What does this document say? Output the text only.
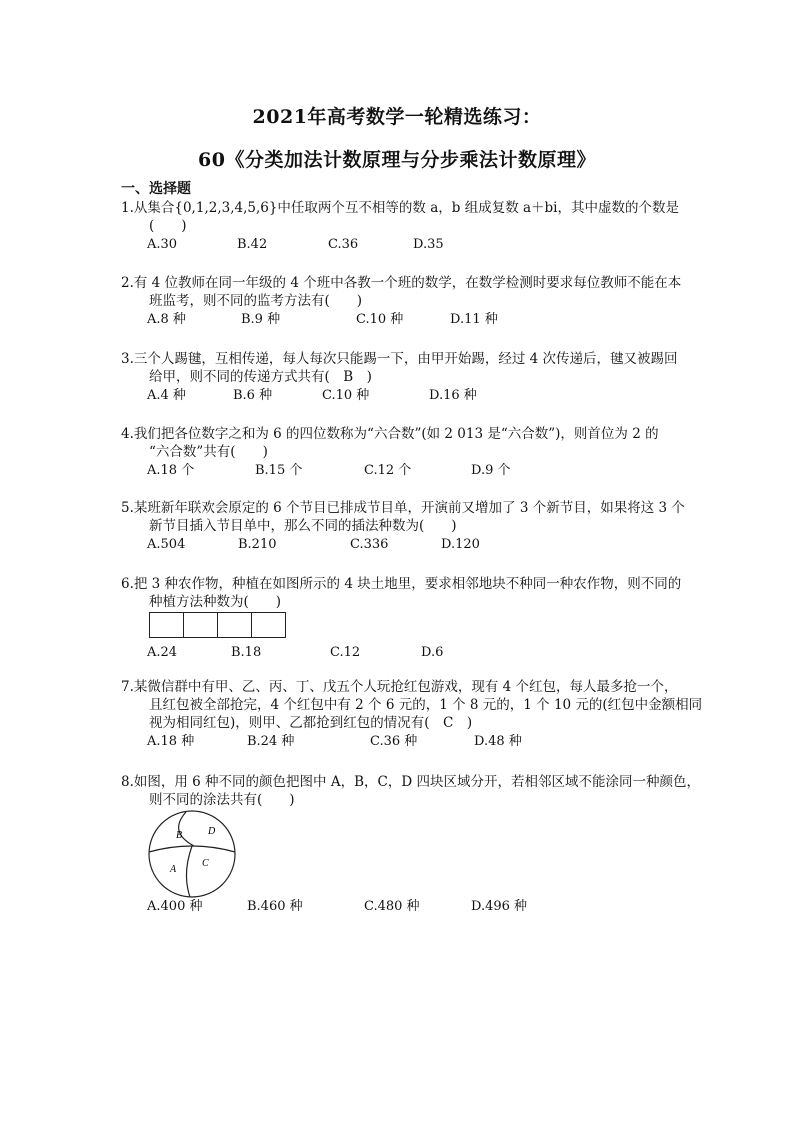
2021年高考数学一轮精选练习：
60《分类加法计数原理与分步乘法计数原理》
一、选择题
1.从集合{0,1,2,3,4,5,6}中任取两个互不相等的数 a，b 组成复数 a＋bi，其中虚数的个数是
(　　)
A.30	B.42	C.36	D.35
2.有 4 位教师在同一年级的 4 个班中各教一个班的数学，在数学检测时要求每位教师不能在本
班监考，则不同的监考方法有(　　)
A.8 种	B.9 种	C.10 种	D.11 种
3.三个人踢毽，互相传递，每人每次只能踢一下，由甲开始踢，经过 4 次传递后，毽又被踢回
给甲，则不同的传递方式共有(　B　)
A.4 种	B.6 种	C.10 种	D.16 种
4.我们把各位数字之和为 6 的四位数称为“六合数”(如 2 013 是“六合数”)，则首位为 2 的
“六合数”共有(　　)
A.18 个	B.15 个	C.12 个	D.9 个
5.某班新年联欢会原定的 6 个节目已排成节目单，开演前又增加了 3 个新节目，如果将这 3 个
新节目插入节目单中，那么不同的插法种数为(　　)
A.504	B.210	C.336	D.120
6.把 3 种农作物，种植在如图所示的 4 块土地里，要求相邻地块不种同一种农作物，则不同的
种植方法种数为(　　)
A.24	B.18	C.12	D.6
7.某微信群中有甲、乙、丙、丁、戊五个人玩抢红包游戏，现有 4 个红包，每人最多抢一个，
且红包被全部抢完，4 个红包中有 2 个 6 元的，1 个 8 元的，1 个 10 元的(红包中金额相同
视为相同红包)，则甲、乙都抢到红包的情况有(　C　)
A.18 种	B.24 种	C.36 种	D.48 种
8.如图，用 6 种不同的颜色把图中 A，B，C，D 四块区域分开，若相邻区域不能涂同一种颜色，
则不同的涂法共有(　　)
B	D
A
C
A.400 种	B.460 种	C.480 种	D.496 种
